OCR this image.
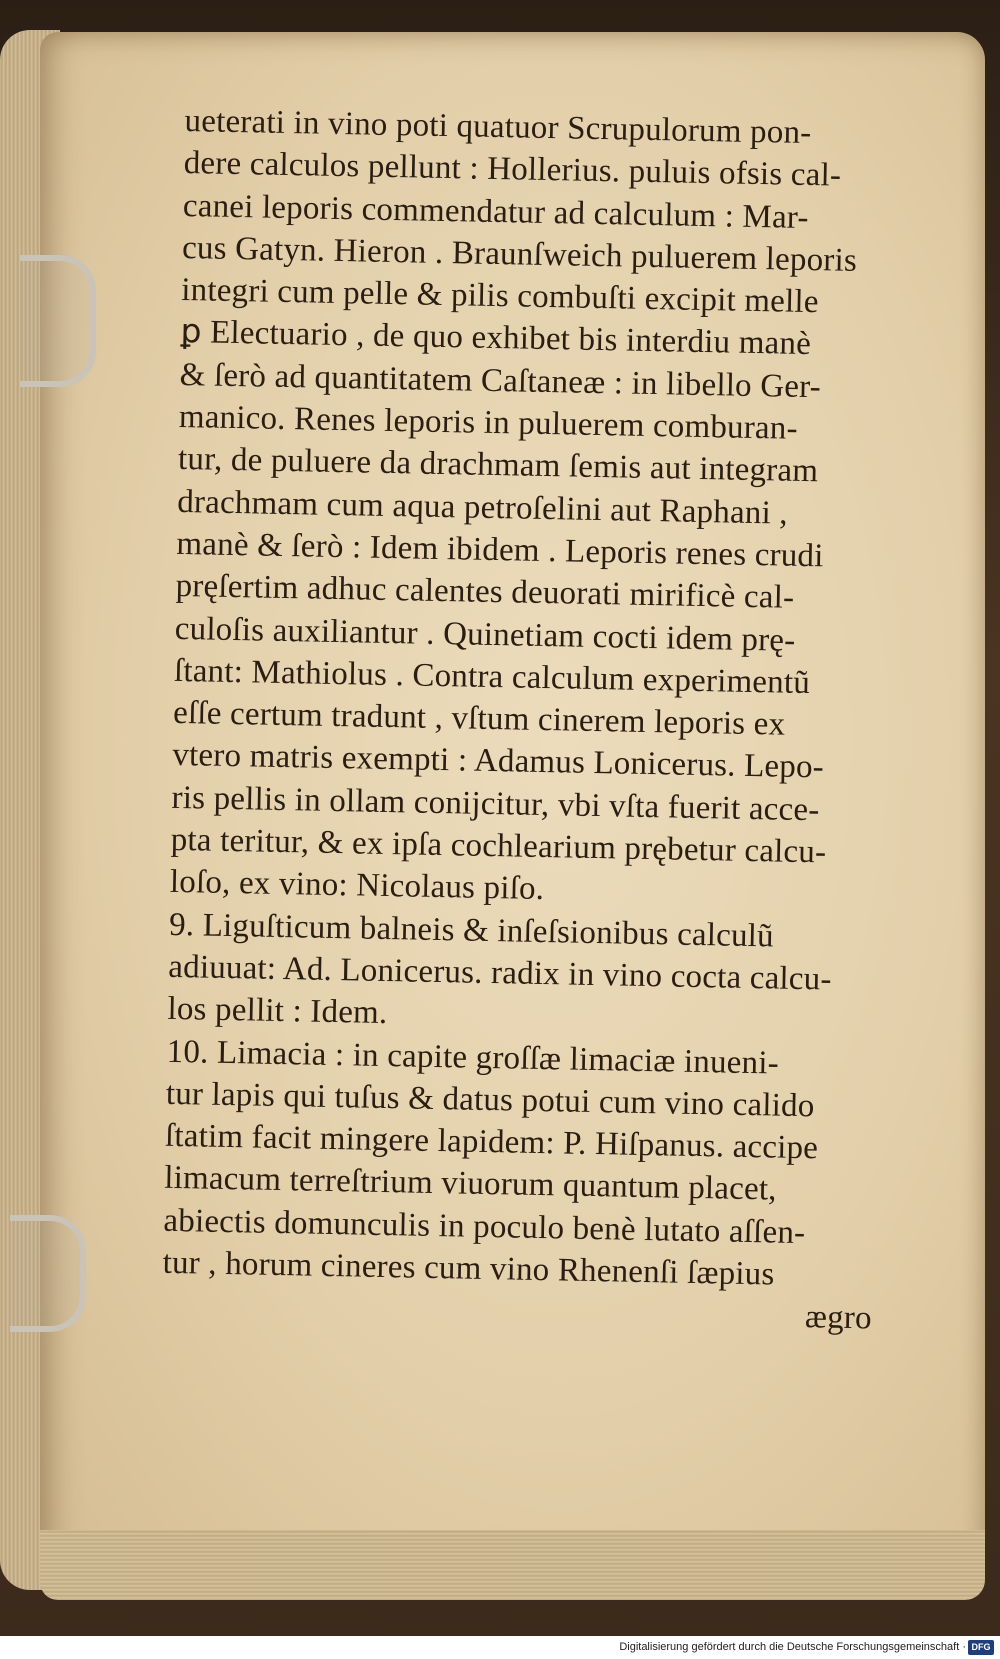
ueterati in vino poti quatuor Scrupulorum pon-
dere calculos pellunt : Hollerius. puluis ofsis cal-
canei leporis commendatur ad calculum : Mar-
cus Gatyn. Hieron . Braunſweich puluerem leporis
integri cum pelle & pilis combuſti excipit melle
ꝑ Electuario , de quo exhibet bis interdiu manè
& ſerò ad quantitatem Caſtaneæ : in libello Ger-
manico. Renes leporis in puluerem comburan-
tur, de puluere da drachmam ſemis aut integram
drachmam cum aqua petroſelini aut Raphani ,
manè & ſerò : Idem ibidem . Leporis renes crudi
pręſertim adhuc calentes deuorati mirificè cal-
culoſis auxiliantur . Quinetiam cocti idem prę-
ſtant: Mathiolus . Contra calculum experimentũ
eſſe certum tradunt , vſtum cinerem leporis ex
vtero matris exempti : Adamus Lonicerus. Lepo-
ris pellis in ollam conijcitur, vbi vſta fuerit acce-
pta teritur, & ex ipſa cochlearium prębetur calcu-
loſo, ex vino: Nicolaus piſo.
9. Liguſticum balneis & inſeſsionibus calculũ
adiuuat: Ad. Lonicerus. radix in vino cocta calcu-
los pellit : Idem.
10. Limacia : in capite groſſæ limaciæ inueni-
tur lapis qui tuſus & datus potui cum vino calido
ſtatim facit mingere lapidem: P. Hiſpanus. accipe
limacum terreſtrium viuorum quantum placet,
abiectis domunculis in poculo benè lutato aſſen-
tur , horum cineres cum vino Rhenenſi ſæpius
ægro
Digitalisierung gefördert durch die Deutsche Forschungsgemeinschaft · DFG
